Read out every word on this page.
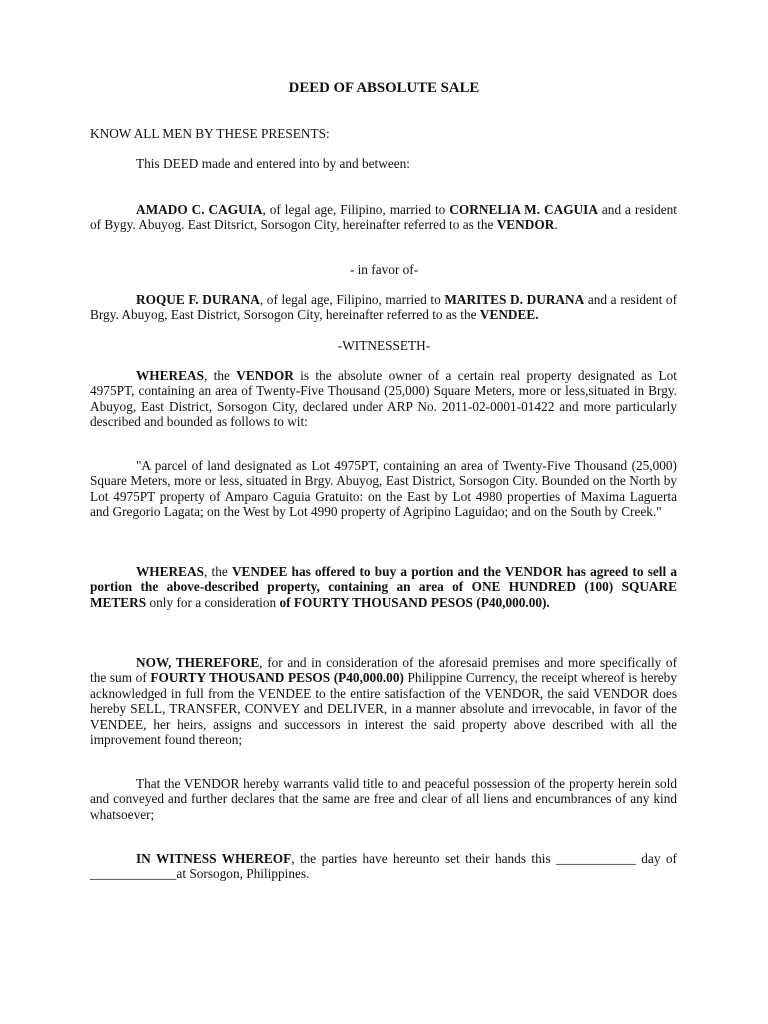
DEED OF ABSOLUTE SALE

KNOW ALL MEN BY THESE PRESENTS:

This DEED made and entered into by and between:

AMADO C. CAGUIA, of legal age, Filipino, married to CORNELIA M. CAGUIA and a resident of Bygy. Abuyog. East Ditsrict, Sorsogon City, hereinafter referred to as the VENDOR.

- in favor of-

ROQUE F. DURANA, of legal age, Filipino, married to MARITES D. DURANA and a resident of Brgy. Abuyog, East District, Sorsogon City, hereinafter referred to as the VENDEE.

-WITNESSETH-

WHEREAS, the VENDOR is the absolute owner of a certain real property designated as Lot 4975PT, containing an area of Twenty-Five Thousand (25,000) Square Meters, more or less,situated in Brgy. Abuyog, East District, Sorsogon City, declared under ARP No. 2011-02-0001-01422 and more particularly described and bounded as follows to wit:

"A parcel of land designated as Lot 4975PT, containing an area of Twenty-Five Thousand (25,000) Square Meters, more or less, situated in Brgy. Abuyog, East District, Sorsogon City. Bounded on the North by Lot 4975PT property of Amparo Caguia Gratuito: on the East by Lot 4980 properties of Maxima Laguerta and Gregorio Lagata; on the West by Lot 4990 property of Agripino Laguidao; and on the South by Creek."

WHEREAS, the VENDEE has offered to buy a portion and the VENDOR has agreed to sell a portion the above-described property, containing an area of ONE HUNDRED (100) SQUARE METERS only for a consideration of FOURTY THOUSAND PESOS (P40,000.00).

NOW, THEREFORE, for and in consideration of the aforesaid premises and more specifically of the sum of FOURTY THOUSAND PESOS (P40,000.00) Philippine Currency, the receipt whereof is hereby acknowledged in full from the VENDEE to the entire satisfaction of the VENDOR, the said VENDOR does hereby SELL, TRANSFER, CONVEY and DELIVER, in a manner absolute and irrevocable, in favor of the VENDEE, her heirs, assigns and successors in interest the said property above described with all the improvement found thereon;

That the VENDOR hereby warrants valid title to and peaceful possession of the property herein sold and conveyed and further declares that the same are free and clear of all liens and encumbrances of any kind whatsoever;

IN WITNESS WHEREOF, the parties have hereunto set their hands this ____________ day of _____________at Sorsogon, Philippines.
